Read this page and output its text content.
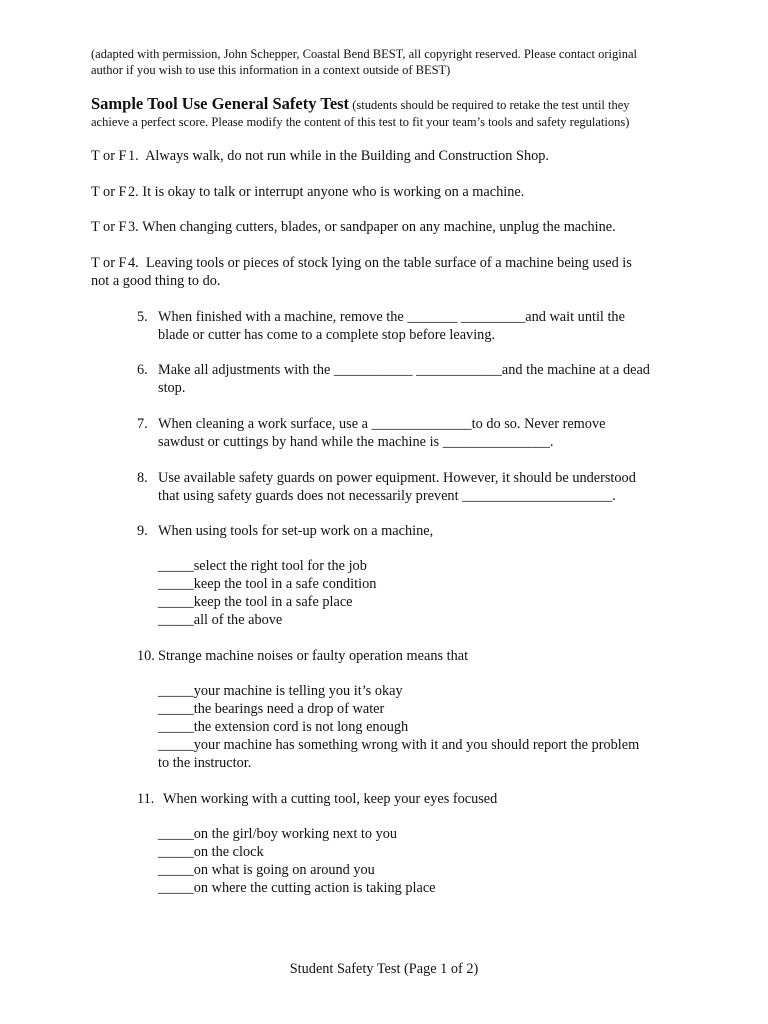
(adapted with permission, John Schepper, Coastal Bend BEST, all copyright reserved. Please contact original

author if you wish to use this information in a context outside of BEST)

Sample Tool Use General Safety Test (students should be required to retake the test until they

achieve a perfect score. Please modify the content of this test to fit your team’s tools and safety regulations)

T or F 1. Always walk, do not run while in the Building and Construction Shop.

T or F 2. It is okay to talk or interrupt anyone who is working on a machine.

T or F 3. When changing cutters, blades, or sandpaper on any machine, unplug the machine.

T or F 4. Leaving tools or pieces of stock lying on the table surface of a machine being used is

not a good thing to do.

5. When finished with a machine, remove the _______ _________and wait until the
blade or cutter has come to a complete stop before leaving.
6. Make all adjustments with the ___________ ____________and the machine at a dead
stop.
7. When cleaning a work surface, use a ______________to do so. Never remove
sawdust or cuttings by hand while the machine is _______________.
8. Use available safety guards on power equipment. However, it should be understood
that using safety guards does not necessarily prevent _____________________.
9. When using tools for set-up work on a machine,

_____select the right tool for the job

_____keep the tool in a safe condition

_____keep the tool in a safe place

_____all of the above

10. Strange machine noises or faulty operation means that

_____your machine is telling you it’s okay

_____the bearings need a drop of water

_____the extension cord is not long enough

_____your machine has something wrong with it and you should report the problem

to the instructor.

11. When working with a cutting tool, keep your eyes focused

_____on the girl/boy working next to you

_____on the clock

_____on what is going on around you

_____on where the cutting action is taking place

Student Safety Test (Page 1 of 2)
